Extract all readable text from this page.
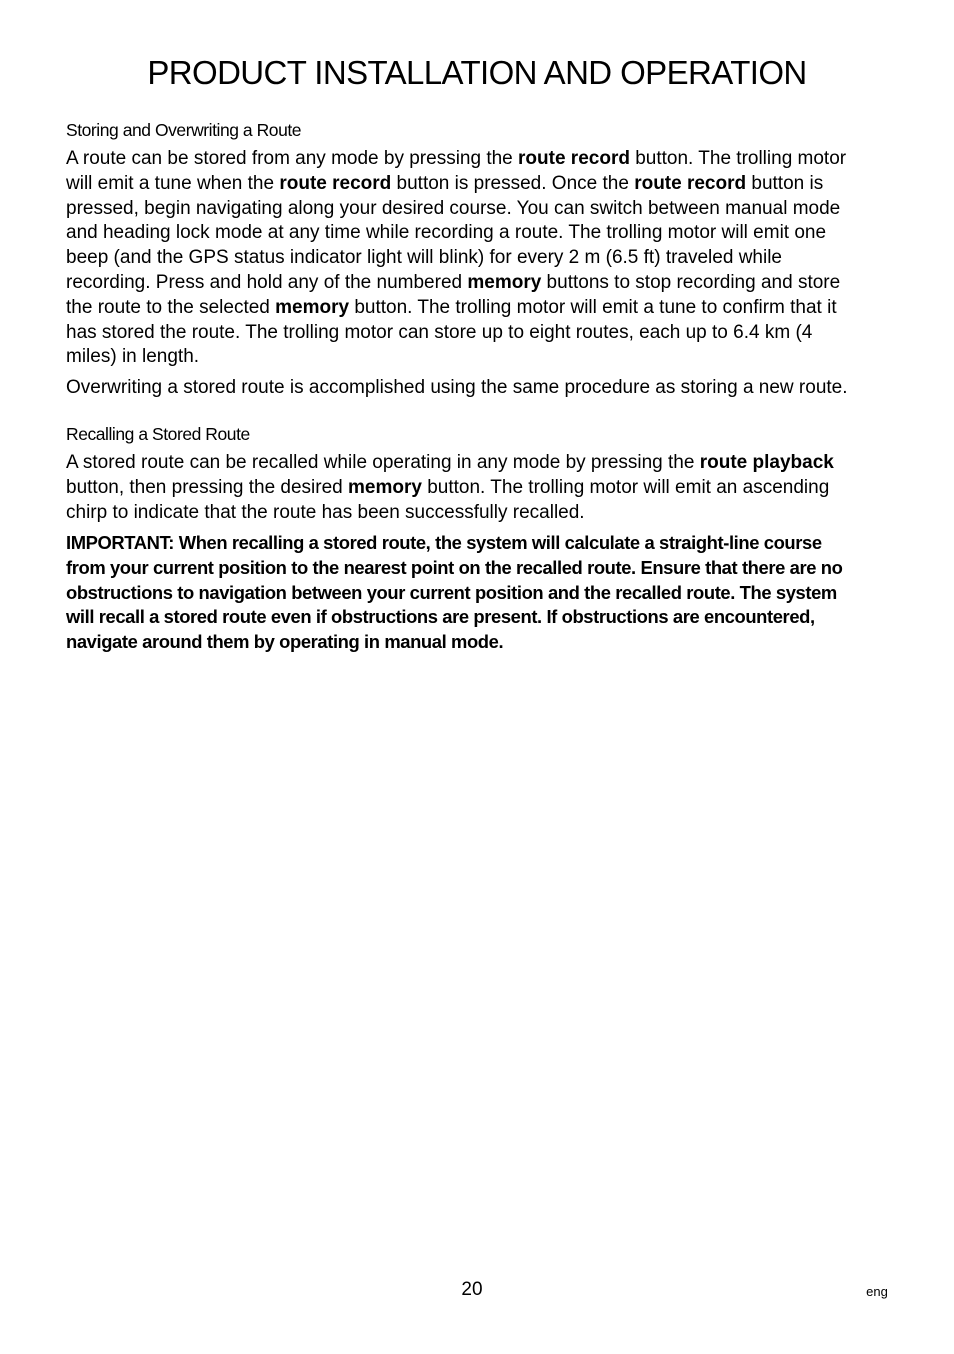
PRODUCT INSTALLATION AND OPERATION
Storing and Overwriting a Route

A route can be stored from any mode by pressing the route record button. The trolling motor will emit a tune when the route record button is pressed. Once the route record button is pressed, begin navigating along your desired course. You can switch between manual mode and heading lock mode at any time while recording a route. The trolling motor will emit one beep (and the GPS status indicator light will blink) for every 2 m (6.5 ft) traveled while recording. Press and hold any of the numbered memory buttons to stop recording and store the route to the selected memory button. The trolling motor will emit a tune to confirm that it has stored the route. The trolling motor can store up to eight routes, each up to 6.4 km (4 miles) in length.

Overwriting a stored route is accomplished using the same procedure as storing a new route.

Recalling a Stored Route

A stored route can be recalled while operating in any mode by pressing the route playback button, then pressing the desired memory button. The trolling motor will emit an ascending chirp to indicate that the route has been successfully recalled.

IMPORTANT: When recalling a stored route, the system will calculate a straight-line course from your current position to the nearest point on the recalled route. Ensure that there are no obstructions to navigation between your current position and the recalled route. The system will recall a stored route even if obstructions are present. If obstructions are encountered, navigate around them by operating in manual mode.

20	eng
